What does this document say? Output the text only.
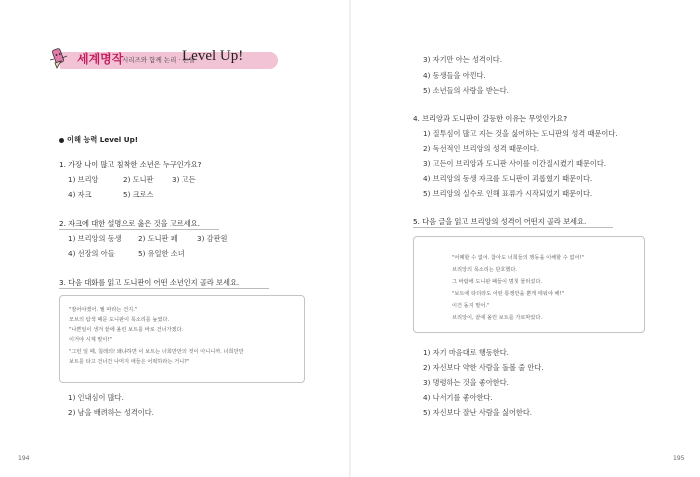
세계명작
시리즈와 함께 논리 · 논술
Level Up!
이해 능력 Level Up!
1. 가장 나이 많고 침착한 소년은 누구인가요?
1) 브리앙	2) 도니판	3) 고든
4) 자크	5) 크로스
2. 자크에 대한 설명으로 옳은 것을 고르세요.
1) 브리앙의 동생 2) 도니판 페	3) 감판원
4) 선장의 아들	5) 유일한 소녀
3. 다음 대화를 읽고 도니판이 어떤 소년인지 골라 보세요.
"잠어야겠어. 뭘 따라는 건지."
모브의 탐색 때문 도니판이 목소리를 높였다.
"나쁜일이 생겨 끝에 올린 보트를 바로 건너가겠다.
이거야 시계 말이!"
"그런 일 때, 칠레의! 왜냐하면 이 보트는 너희만만의 것이 아니니까. 너희만만
보트를 타고 건너간 나머지 애들은 어떡하라는 거니?"
1) 인내심이 많다.
2) 남을 배려하는 성격이다.
194
3) 자기만 아는 성격이다.
4) 동생들을 아낀다.
5) 소년들의 사랑을 받는다.
4. 브리앙과 도니판이 갈등한 이유는 무엇인가요?
1) 질투심이 많고 지는 것을 싫어하는 도니판의 성격 때문이다.
2) 독선적인 브리앙의 성격 때문이다.
3) 고든이 브리앙과 도니판 사이를 이간질시켰기 때문이다.
4) 브리앙의 동생 자크를 도니판이 괴롭혔기 때문이다.
5) 브리앙의 실수로 인해 표류가 시작되었기 때문이다.
5. 다음 글을 읽고 브리앙의 성격이 어떤지 골라 보세요.
"어째할 수 없어. 참아도 너희들의 행동을 이해할 수 없어!"
브리앙의 목소리는 단호했다.
그 바람에 도니판 패들이 멈칫 물러섰다.
"보트에 타더라도 어떤 통쟁만을 뿐게 태워야 해!"
이건 돌지 말어."
브리앙이, 끝에 올린 보트를 가로막았다.
1) 자기 마음대로 행동한다.
2) 자신보다 약한 사람을 돌볼 줄 안다.
3) 명령하는 것을 좋아한다.
4) 나서기를 좋아한다.
5) 자신보다 잘난 사람을 싫어한다.
195
